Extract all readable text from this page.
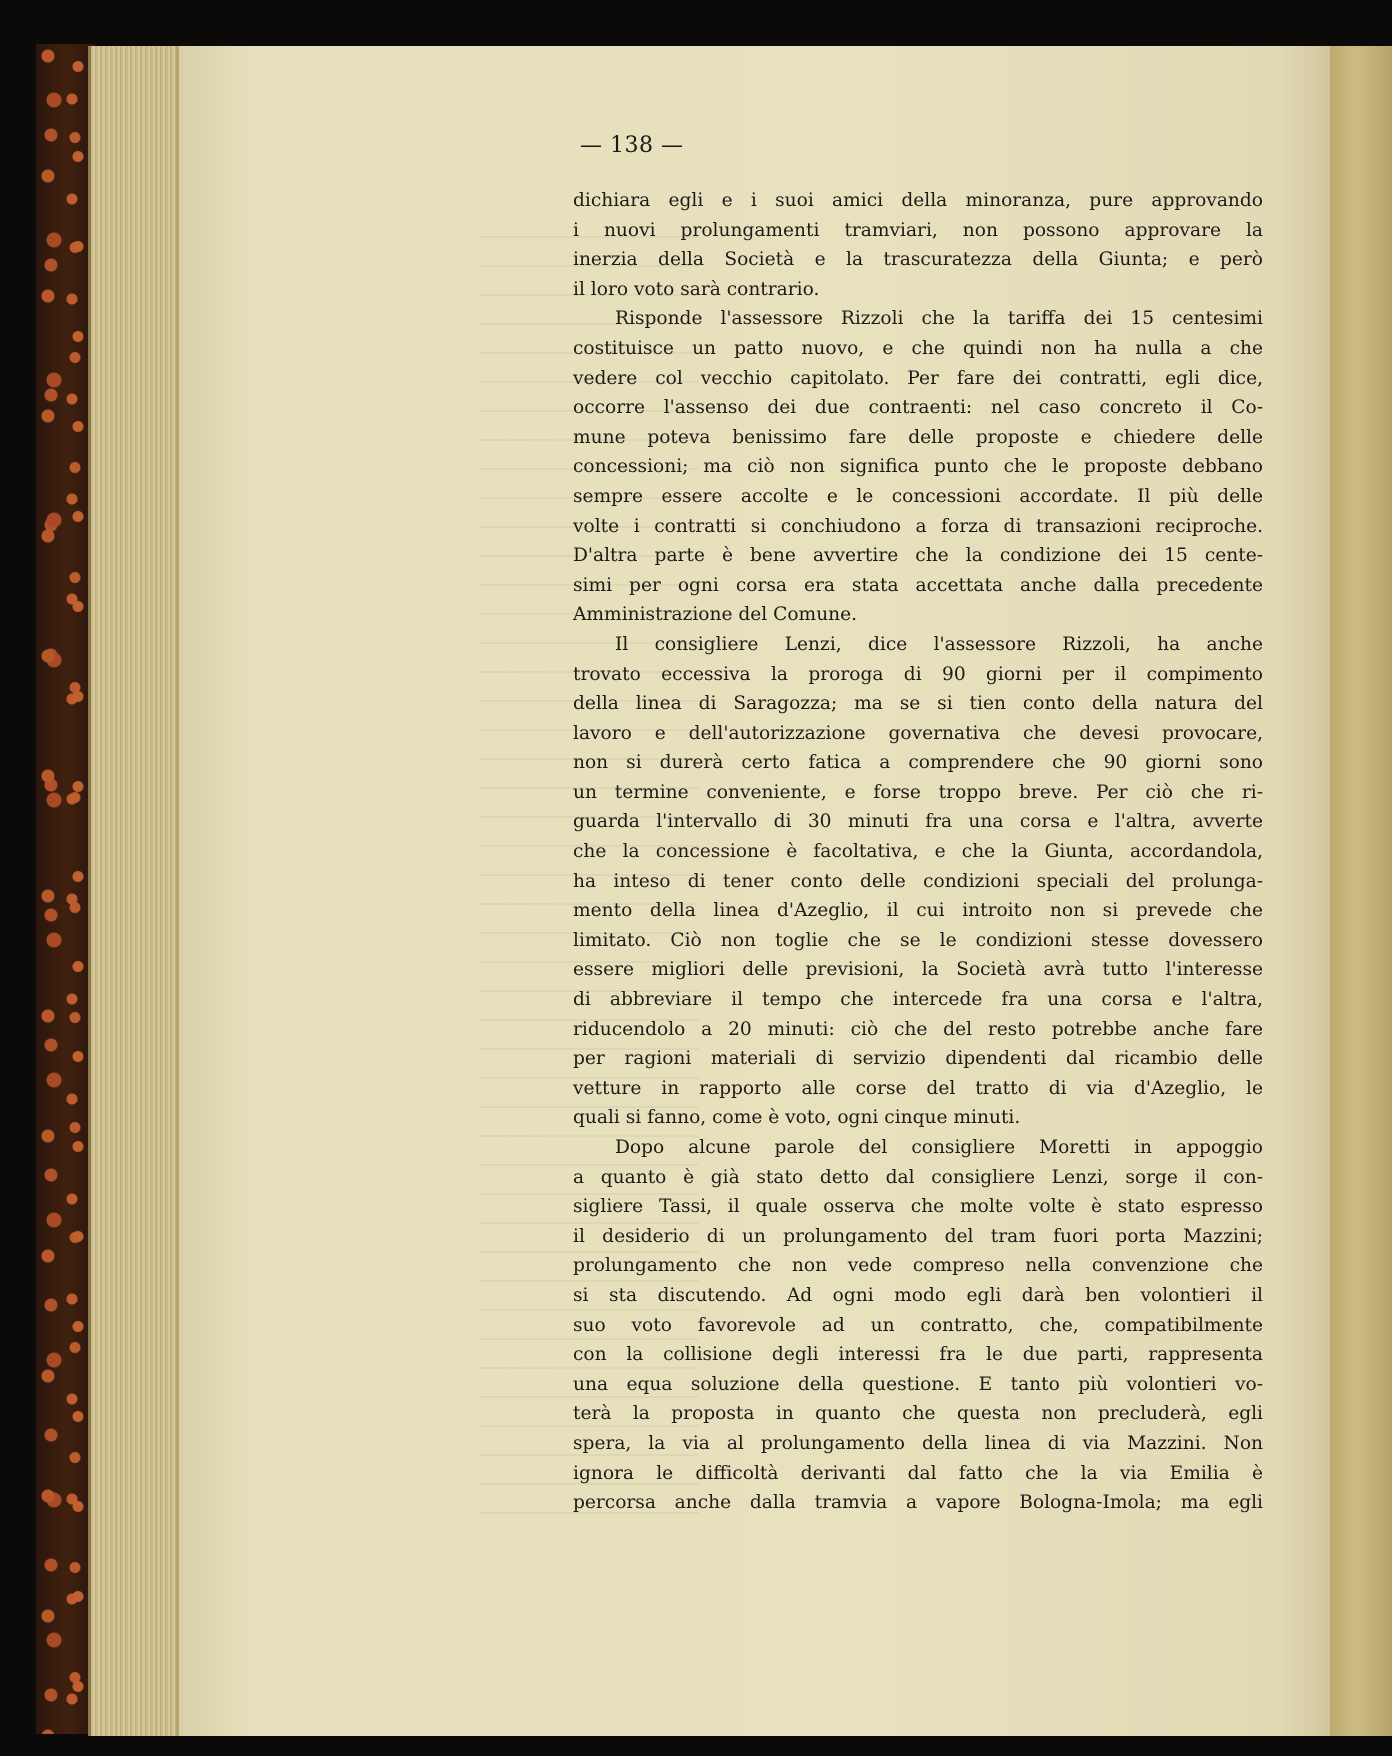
— 138 —
dichiara egli e i suoi amici della minoranza, pure approvando
i nuovi prolungamenti tramviari, non possono approvare la
inerzia della Società e la trascuratezza della Giunta; e però
il loro voto sarà contrario.
Risponde l'assessore Rizzoli che la tariffa dei 15 centesimi
costituisce un patto nuovo, e che quindi non ha nulla a che
vedere col vecchio capitolato. Per fare dei contratti, egli dice,
occorre l'assenso dei due contraenti: nel caso concreto il Co-
mune poteva benissimo fare delle proposte e chiedere delle
concessioni; ma ciò non significa punto che le proposte debbano
sempre essere accolte e le concessioni accordate. Il più delle
volte i contratti si conchiudono a forza di transazioni reciproche.
D'altra parte è bene avvertire che la condizione dei 15 cente-
simi per ogni corsa era stata accettata anche dalla precedente
Amministrazione del Comune.
Il consigliere Lenzi, dice l'assessore Rizzoli, ha anche
trovato eccessiva la proroga di 90 giorni per il compimento
della linea di Saragozza; ma se si tien conto della natura del
lavoro e dell'autorizzazione governativa che devesi provocare,
non si durerà certo fatica a comprendere che 90 giorni sono
un termine conveniente, e forse troppo breve. Per ciò che ri-
guarda l'intervallo di 30 minuti fra una corsa e l'altra, avverte
che la concessione è facoltativa, e che la Giunta, accordandola,
ha inteso di tener conto delle condizioni speciali del prolunga-
mento della linea d'Azeglio, il cui introito non si prevede che
limitato. Ciò non toglie che se le condizioni stesse dovessero
essere migliori delle previsioni, la Società avrà tutto l'interesse
di abbreviare il tempo che intercede fra una corsa e l'altra,
riducendolo a 20 minuti: ciò che del resto potrebbe anche fare
per ragioni materiali di servizio dipendenti dal ricambio delle
vetture in rapporto alle corse del tratto di via d'Azeglio, le
quali si fanno, come è voto, ogni cinque minuti.
Dopo alcune parole del consigliere Moretti in appoggio
a quanto è già stato detto dal consigliere Lenzi, sorge il con-
sigliere Tassi, il quale osserva che molte volte è stato espresso
il desiderio di un prolungamento del tram fuori porta Mazzini;
prolungamento che non vede compreso nella convenzione che
si sta discutendo. Ad ogni modo egli darà ben volontieri il
suo voto favorevole ad un contratto, che, compatibilmente
con la collisione degli interessi fra le due parti, rappresenta
una equa soluzione della questione. E tanto più volontieri vo-
terà la proposta in quanto che questa non precluderà, egli
spera, la via al prolungamento della linea di via Mazzini. Non
ignora le difficoltà derivanti dal fatto che la via Emilia è
percorsa anche dalla tramvia a vapore Bologna-Imola; ma egli
